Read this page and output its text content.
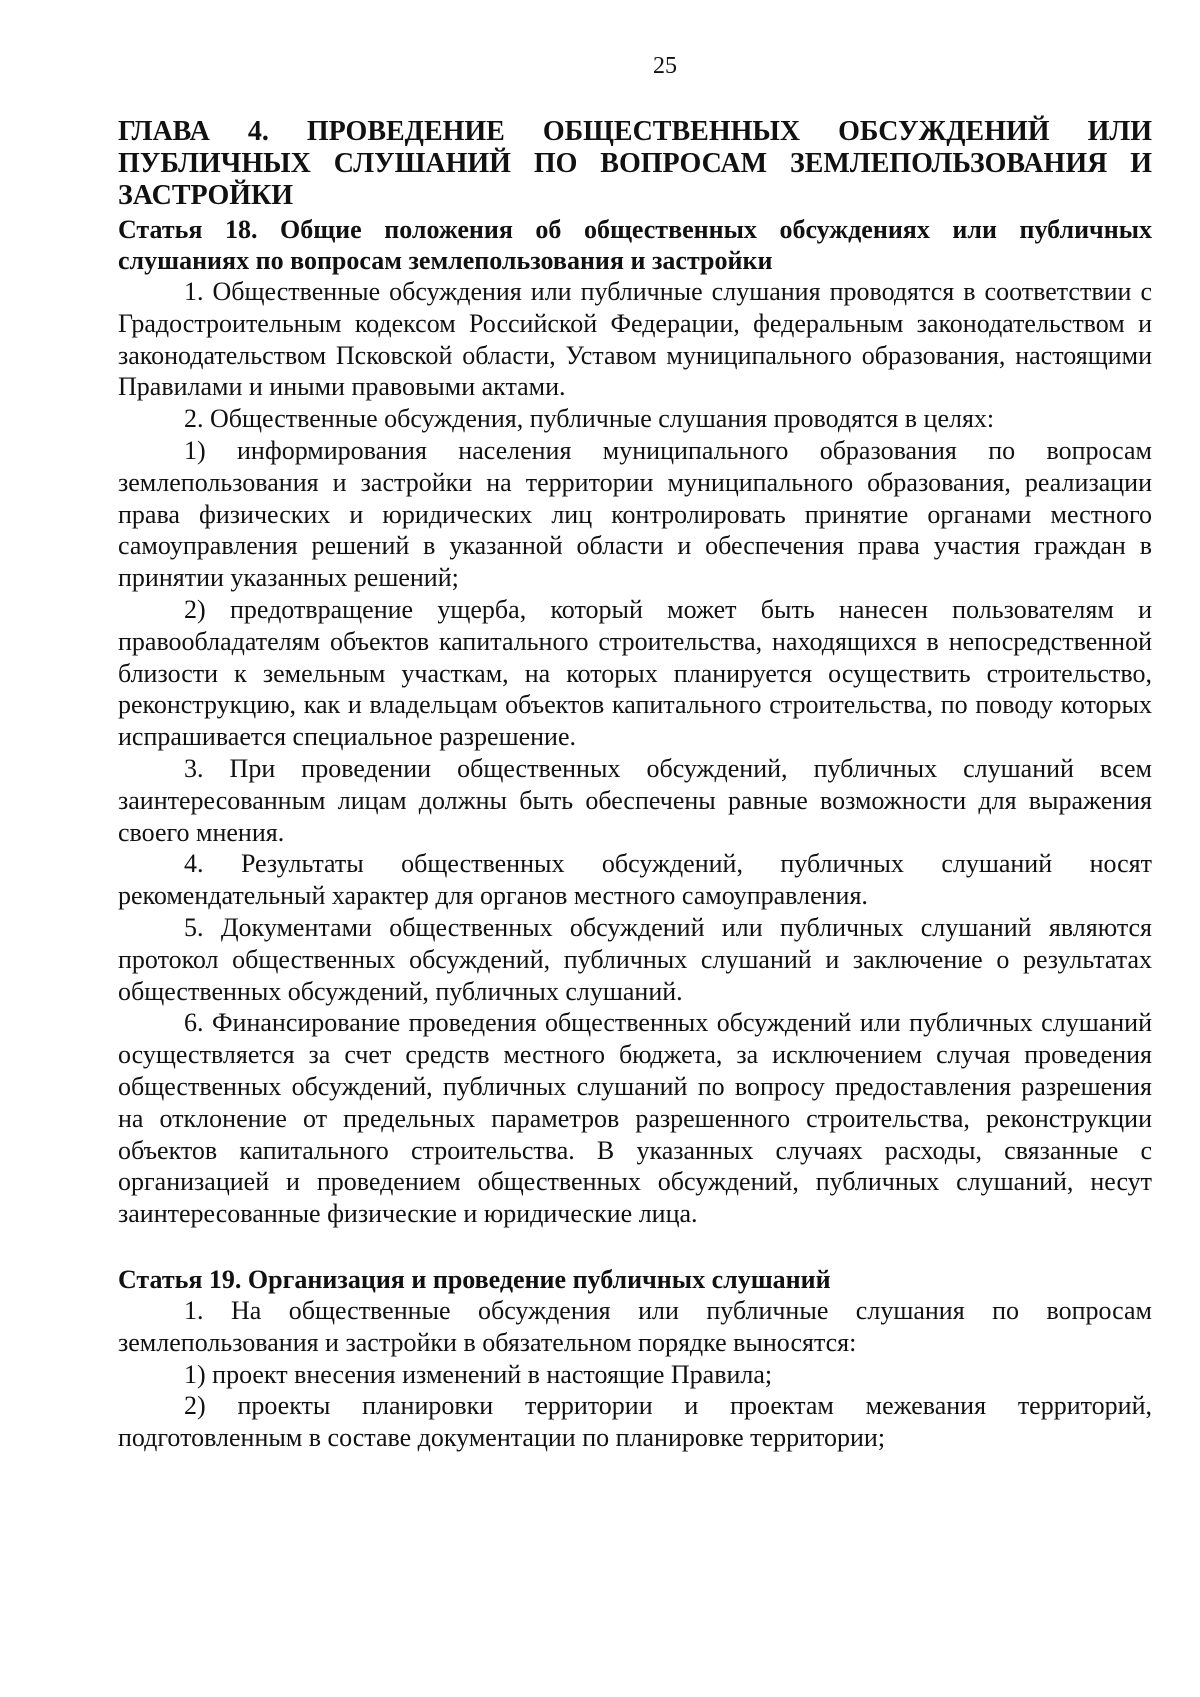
25
ГЛАВА 4. ПРОВЕДЕНИЕ ОБЩЕСТВЕННЫХ ОБСУЖДЕНИЙ ИЛИ ПУБЛИЧНЫХ СЛУШАНИЙ ПО ВОПРОСАМ ЗЕМЛЕПОЛЬЗОВАНИЯ И ЗАСТРОЙКИ
Статья 18. Общие положения об общественных обсуждениях или публичных слушаниях по вопросам землепользования и застройки

1. Общественные обсуждения или публичные слушания проводятся в соответствии с Градостроительным кодексом Российской Федерации, федеральным законодательством и законодательством Псковской области, Уставом муниципального образования, настоящими Правилами и иными правовыми актами.

2. Общественные обсуждения, публичные слушания проводятся в целях:

1) информирования населения муниципального образования по вопросам землепользования и застройки на территории муниципального образования, реализации права физических и юридических лиц контролировать принятие органами местного самоуправления решений в указанной области и обеспечения права участия граждан в принятии указанных решений;

2) предотвращение ущерба, который может быть нанесен пользователям и правообладателям объектов капитального строительства, находящихся в непосредственной близости к земельным участкам, на которых планируется осуществить строительство, реконструкцию, как и владельцам объектов капитального строительства, по поводу которых испрашивается специальное разрешение.

3. При проведении общественных обсуждений, публичных слушаний всем заинтересованным лицам должны быть обеспечены равные возможности для выражения своего мнения.

4. Результаты общественных обсуждений, публичных слушаний носят рекомендательный характер для органов местного самоуправления.

5. Документами общественных обсуждений или публичных слушаний являются протокол общественных обсуждений, публичных слушаний и заключение о результатах общественных обсуждений, публичных слушаний.

6. Финансирование проведения общественных обсуждений или публичных слушаний осуществляется за счет средств местного бюджета, за исключением случая проведения общественных обсуждений, публичных слушаний по вопросу предоставления разрешения на отклонение от предельных параметров разрешенного строительства, реконструкции объектов капитального строительства. В указанных случаях расходы, связанные с организацией и проведением общественных обсуждений, публичных слушаний, несут заинтересованные физические и юридические лица.

Статья 19. Организация и проведение публичных слушаний

1. На общественные обсуждения или публичные слушания по вопросам землепользования и застройки в обязательном порядке выносятся:

1) проект внесения изменений в настоящие Правила;

2) проекты планировки территории и проектам межевания территорий, подготовленным в составе документации по планировке территории;
